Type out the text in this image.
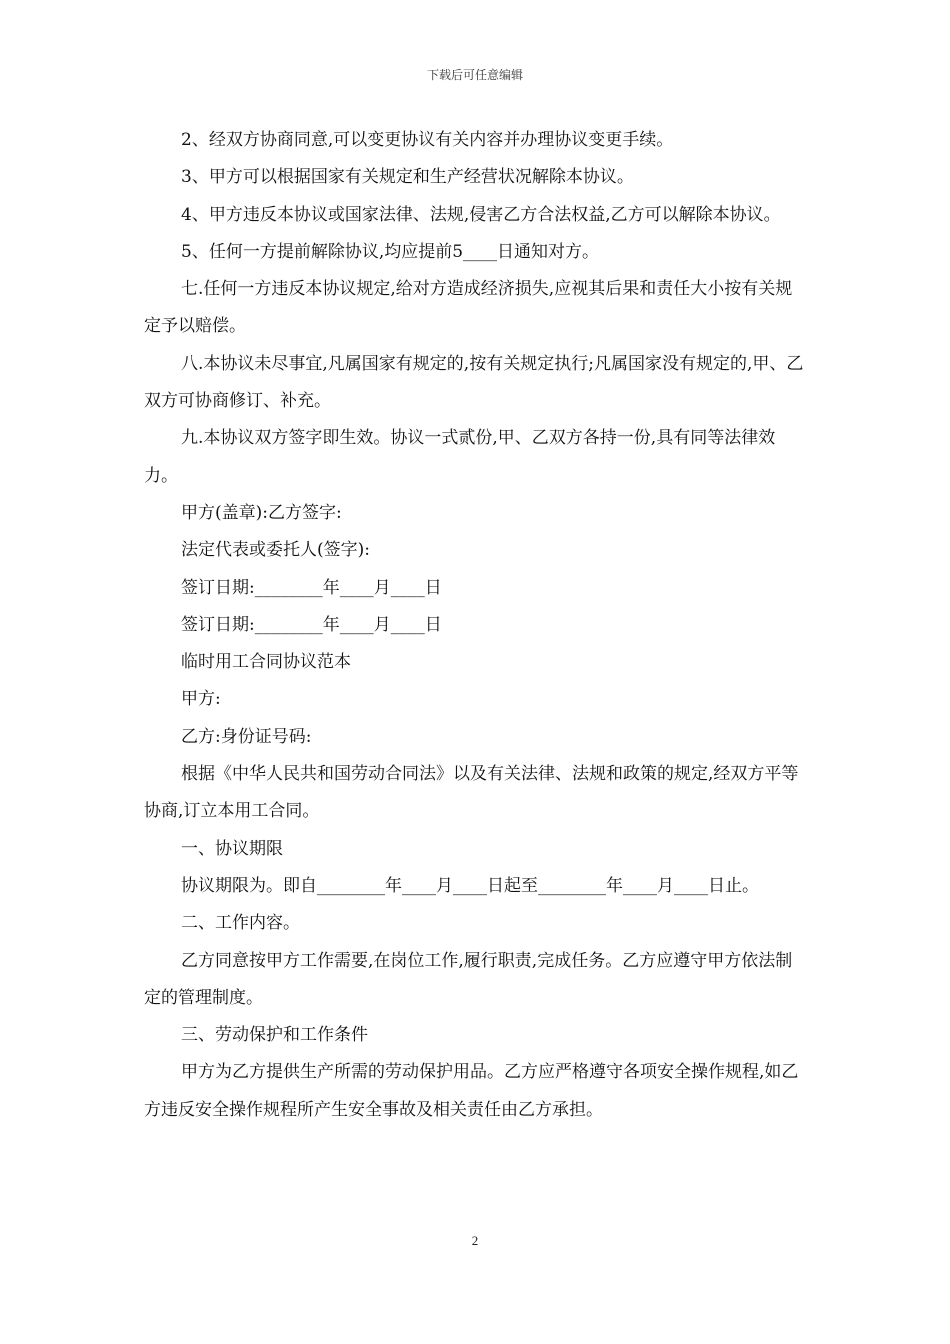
下载后可任意编辑

2、经双方协商同意,可以变更协议有关内容并办理协议变更手续。

3、甲方可以根据国家有关规定和生产经营状况解除本协议。

4、甲方违反本协议或国家法律、法规,侵害乙方合法权益,乙方可以解除本协议。

5、任何一方提前解除协议,均应提前5____日通知对方。

七.任何一方违反本协议规定,给对方造成经济损失,应视其后果和责任大小按有关规定予以赔偿。

八.本协议未尽事宜,凡属国家有规定的,按有关规定执行;凡属国家没有规定的,甲、乙双方可协商修订、补充。

九.本协议双方签字即生效。协议一式贰份,甲、乙双方各持一份,具有同等法律效力。

甲方(盖章):乙方签字:

法定代表或委托人(签字):

签订日期:________年____月____日

签订日期:________年____月____日

临时用工合同协议范本

甲方:

乙方:身份证号码:

根据《中华人民共和国劳动合同法》以及有关法律、法规和政策的规定,经双方平等协商,订立本用工合同。

一、协议期限

协议期限为。即自________年____月____日起至________年____月____日止。

二、工作内容。

乙方同意按甲方工作需要,在岗位工作,履行职责,完成任务。乙方应遵守甲方依法制定的管理制度。

三、劳动保护和工作条件

甲方为乙方提供生产所需的劳动保护用品。乙方应严格遵守各项安全操作规程,如乙方违反安全操作规程所产生安全事故及相关责任由乙方承担。

2
